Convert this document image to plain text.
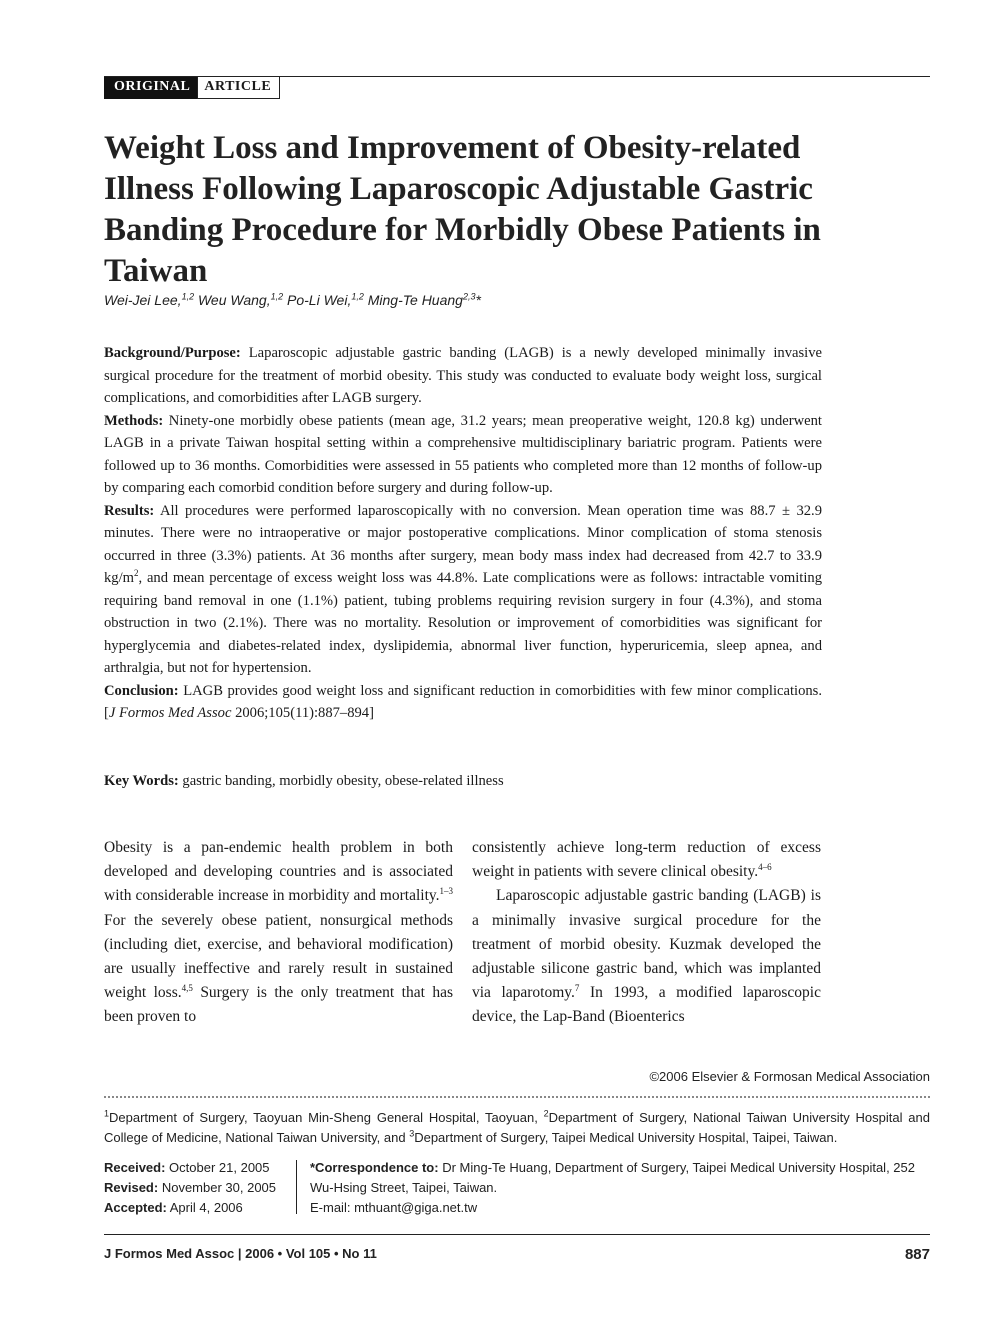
ORIGINAL	ARTICLE
Weight Loss and Improvement of Obesity-related Illness Following Laparoscopic Adjustable Gastric Banding Procedure for Morbidly Obese Patients in Taiwan
Wei-Jei Lee,$^{1,2}$ Weu Wang,$^{1,2}$ Po-Li Wei,$^{1,2}$ Ming-Te Huang$^{2,3}$*

Background/Purpose: Laparoscopic adjustable gastric banding (LAGB) is a newly developed minimally invasive surgical procedure for the treatment of morbid obesity. This study was conducted to evaluate body weight loss, surgical complications, and comorbidities after LAGB surgery.

Methods: Ninety-one morbidly obese patients (mean age, 31.2 years; mean preoperative weight, 120.8 kg) underwent LAGB in a private Taiwan hospital setting within a comprehensive multidisciplinary bariatric program. Patients were followed up to 36 months. Comorbidities were assessed in 55 patients who completed more than 12 months of follow-up by comparing each comorbid condition before surgery and during follow-up.

Results: All procedures were performed laparoscopically with no conversion. Mean operation time was 88.7 ± 32.9 minutes. There were no intraoperative or major postoperative complications. Minor complication of stoma stenosis occurred in three (3.3%) patients. At 36 months after surgery, mean body mass index had decreased from 42.7 to 33.9 $kg/m^2$, and mean percentage of excess weight loss was 44.8%. Late complications were as follows: intractable vomiting requiring band removal in one (1.1%) patient, tubing problems requiring revision surgery in four (4.3%), and stoma obstruction in two (2.1%). There was no mortality. Resolution or improvement of comorbidities was significant for hyperglycemia and diabetes-related index, dyslipidemia, abnormal liver function, hyperuricemia, sleep apnea, and arthralgia, but not for hypertension.

Conclusion: LAGB provides good weight loss and significant reduction in comorbidities with few minor complications. [J Formos Med Assoc 2006;105(11):887–894]

Key Words: gastric banding, morbidly obesity, obese-related illness

Obesity is a pan-endemic health problem in both developed and developing countries and is associated with considerable increase in morbidity and mortality.$^{1-3}$ For the severely obese patient, nonsurgical methods (including diet, exercise, and behavioral modification) are usually ineffective and rarely result in sustained weight loss.$^{4,5}$ Surgery is the only treatment that has been proven to

consistently achieve long-term reduction of excess weight in patients with severe clinical obesity.$^{4-6}$

Laparoscopic adjustable gastric banding (LAGB) is a minimally invasive surgical procedure for the treatment of morbid obesity. Kuzmak developed the adjustable silicone gastric band, which was implanted via laparotomy.$^7$ In 1993, a modified laparoscopic device, the Lap-Band (Bioenterics

©2006 Elsevier & Formosan Medical Association
$^1$Department of Surgery, Taoyuan Min-Sheng General Hospital, Taoyuan, $^2$Department of Surgery, National Taiwan University Hospital and College of Medicine, National Taiwan University, and $^3$Department of Surgery, Taipei Medical University Hospital, Taipei, Taiwan.
Received: October 21, 2005
Revised: November 30, 2005
Accepted: April 4, 2006
*Correspondence to: Dr Ming-Te Huang, Department of Surgery, Taipei Medical University Hospital, 252 Wu-Hsing Street, Taipei, Taiwan.
E-mail: mthuant@giga.net.tw
J Formos Med Assoc | 2006 • Vol 105 • No 11	887
